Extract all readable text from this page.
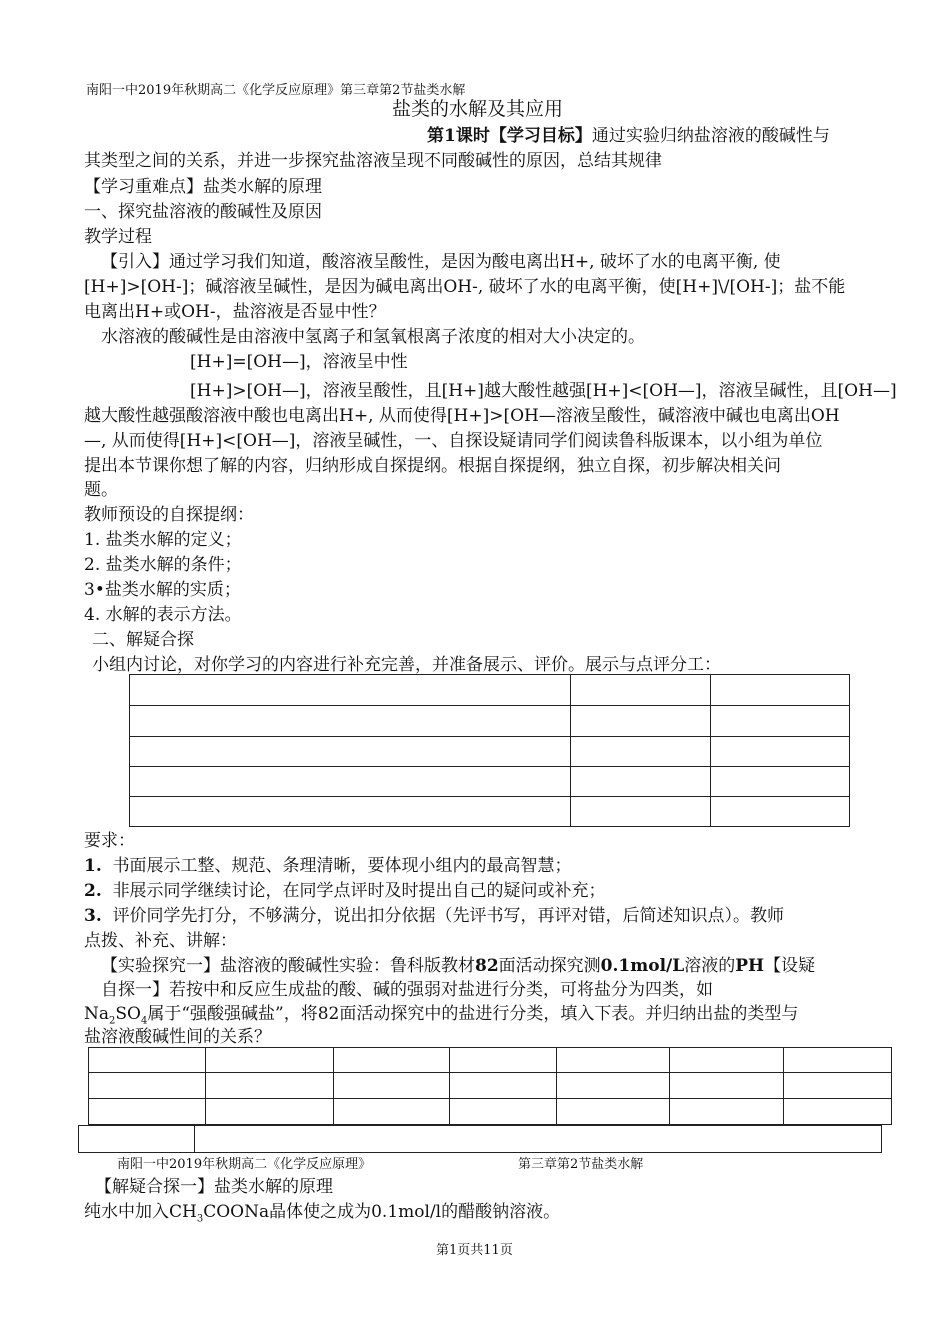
南阳一中2019年秋期高二《化学反应原理》第三章第2节盐类水解
盐类的水解及其应用
第1课时【学习目标】通过实验归纳盐溶液的酸碱性与
其类型之间的关系，并进一步探究盐溶液呈现不同酸碱性的原因，总结其规律
【学习重难点】盐类水解的原理
一、探究盐溶液的酸碱性及原因
教学过程
【引入】通过学习我们知道，酸溶液呈酸性，是因为酸电离出H+, 破坏了水的电离平衡, 使
[H+]>[OH-]；碱溶液呈碱性，是因为碱电离出OH-, 破坏了水的电离平衡，使[H+]\/[OH-]；盐不能
电离出H+或OH-，盐溶液是否显中性？
水溶液的酸碱性是由溶液中氢离子和氢氧根离子浓度的相对大小决定的。
[H+]=[OH—]，溶液呈中性
[H+]>[OH—]，溶液呈酸性，且[H+]越大酸性越强[H+]<[OH—]，溶液呈碱性，且[OH—]
越大酸性越强酸溶液中酸也电离出H+, 从而使得[H+]>[OH—溶液呈酸性，碱溶液中碱也电离出OH
—, 从而使得[H+]<[OH—]，溶液呈碱性，一、自探设疑请同学们阅读鲁科版课本，以小组为单位
提出本节课你想了解的内容，归纳形成自探提纲。根据自探提纲，独立自探，初步解决相关问
题。
教师预设的自探提纲：
1. 盐类水解的定义；
2. 盐类水解的条件；
3•盐类水解的实质；
4. 水解的表示方法。
二、解疑合探
小组内讨论，对你学习的内容进行补充完善，并准备展示、评价。展示与点评分工：

要求：
1. 书面展示工整、规范、条理清晰，要体现小组内的最高智慧；
2. 非展示同学继续讨论，在同学点评时及时提出自己的疑问或补充；
3. 评价同学先打分，不够满分，说出扣分依据（先评书写，再评对错，后简述知识点）。教师
点拨、补充、讲解：
【实验探究一】盐溶液的酸碱性实验：鲁科版教材82面活动探究测0.1mol/L溶液的PH【设疑
自探一】若按中和反应生成盐的酸、碱的强弱对盐进行分类，可将盐分为四类，如
$Na_2SO_4$属于“强酸强碱盐”，将82面活动探究中的盐进行分类，填入下表。并归纳出盐的类型与
盐溶液酸碱性间的关系？

南阳一中2019年秋期高二《化学反应原理》	第三章第2节盐类水解
【解疑合探一】盐类水解的原理
纯水中加入$CH_3COONa$晶体使之成为0.1mol/l的醋酸钠溶液。
第1页共11页
